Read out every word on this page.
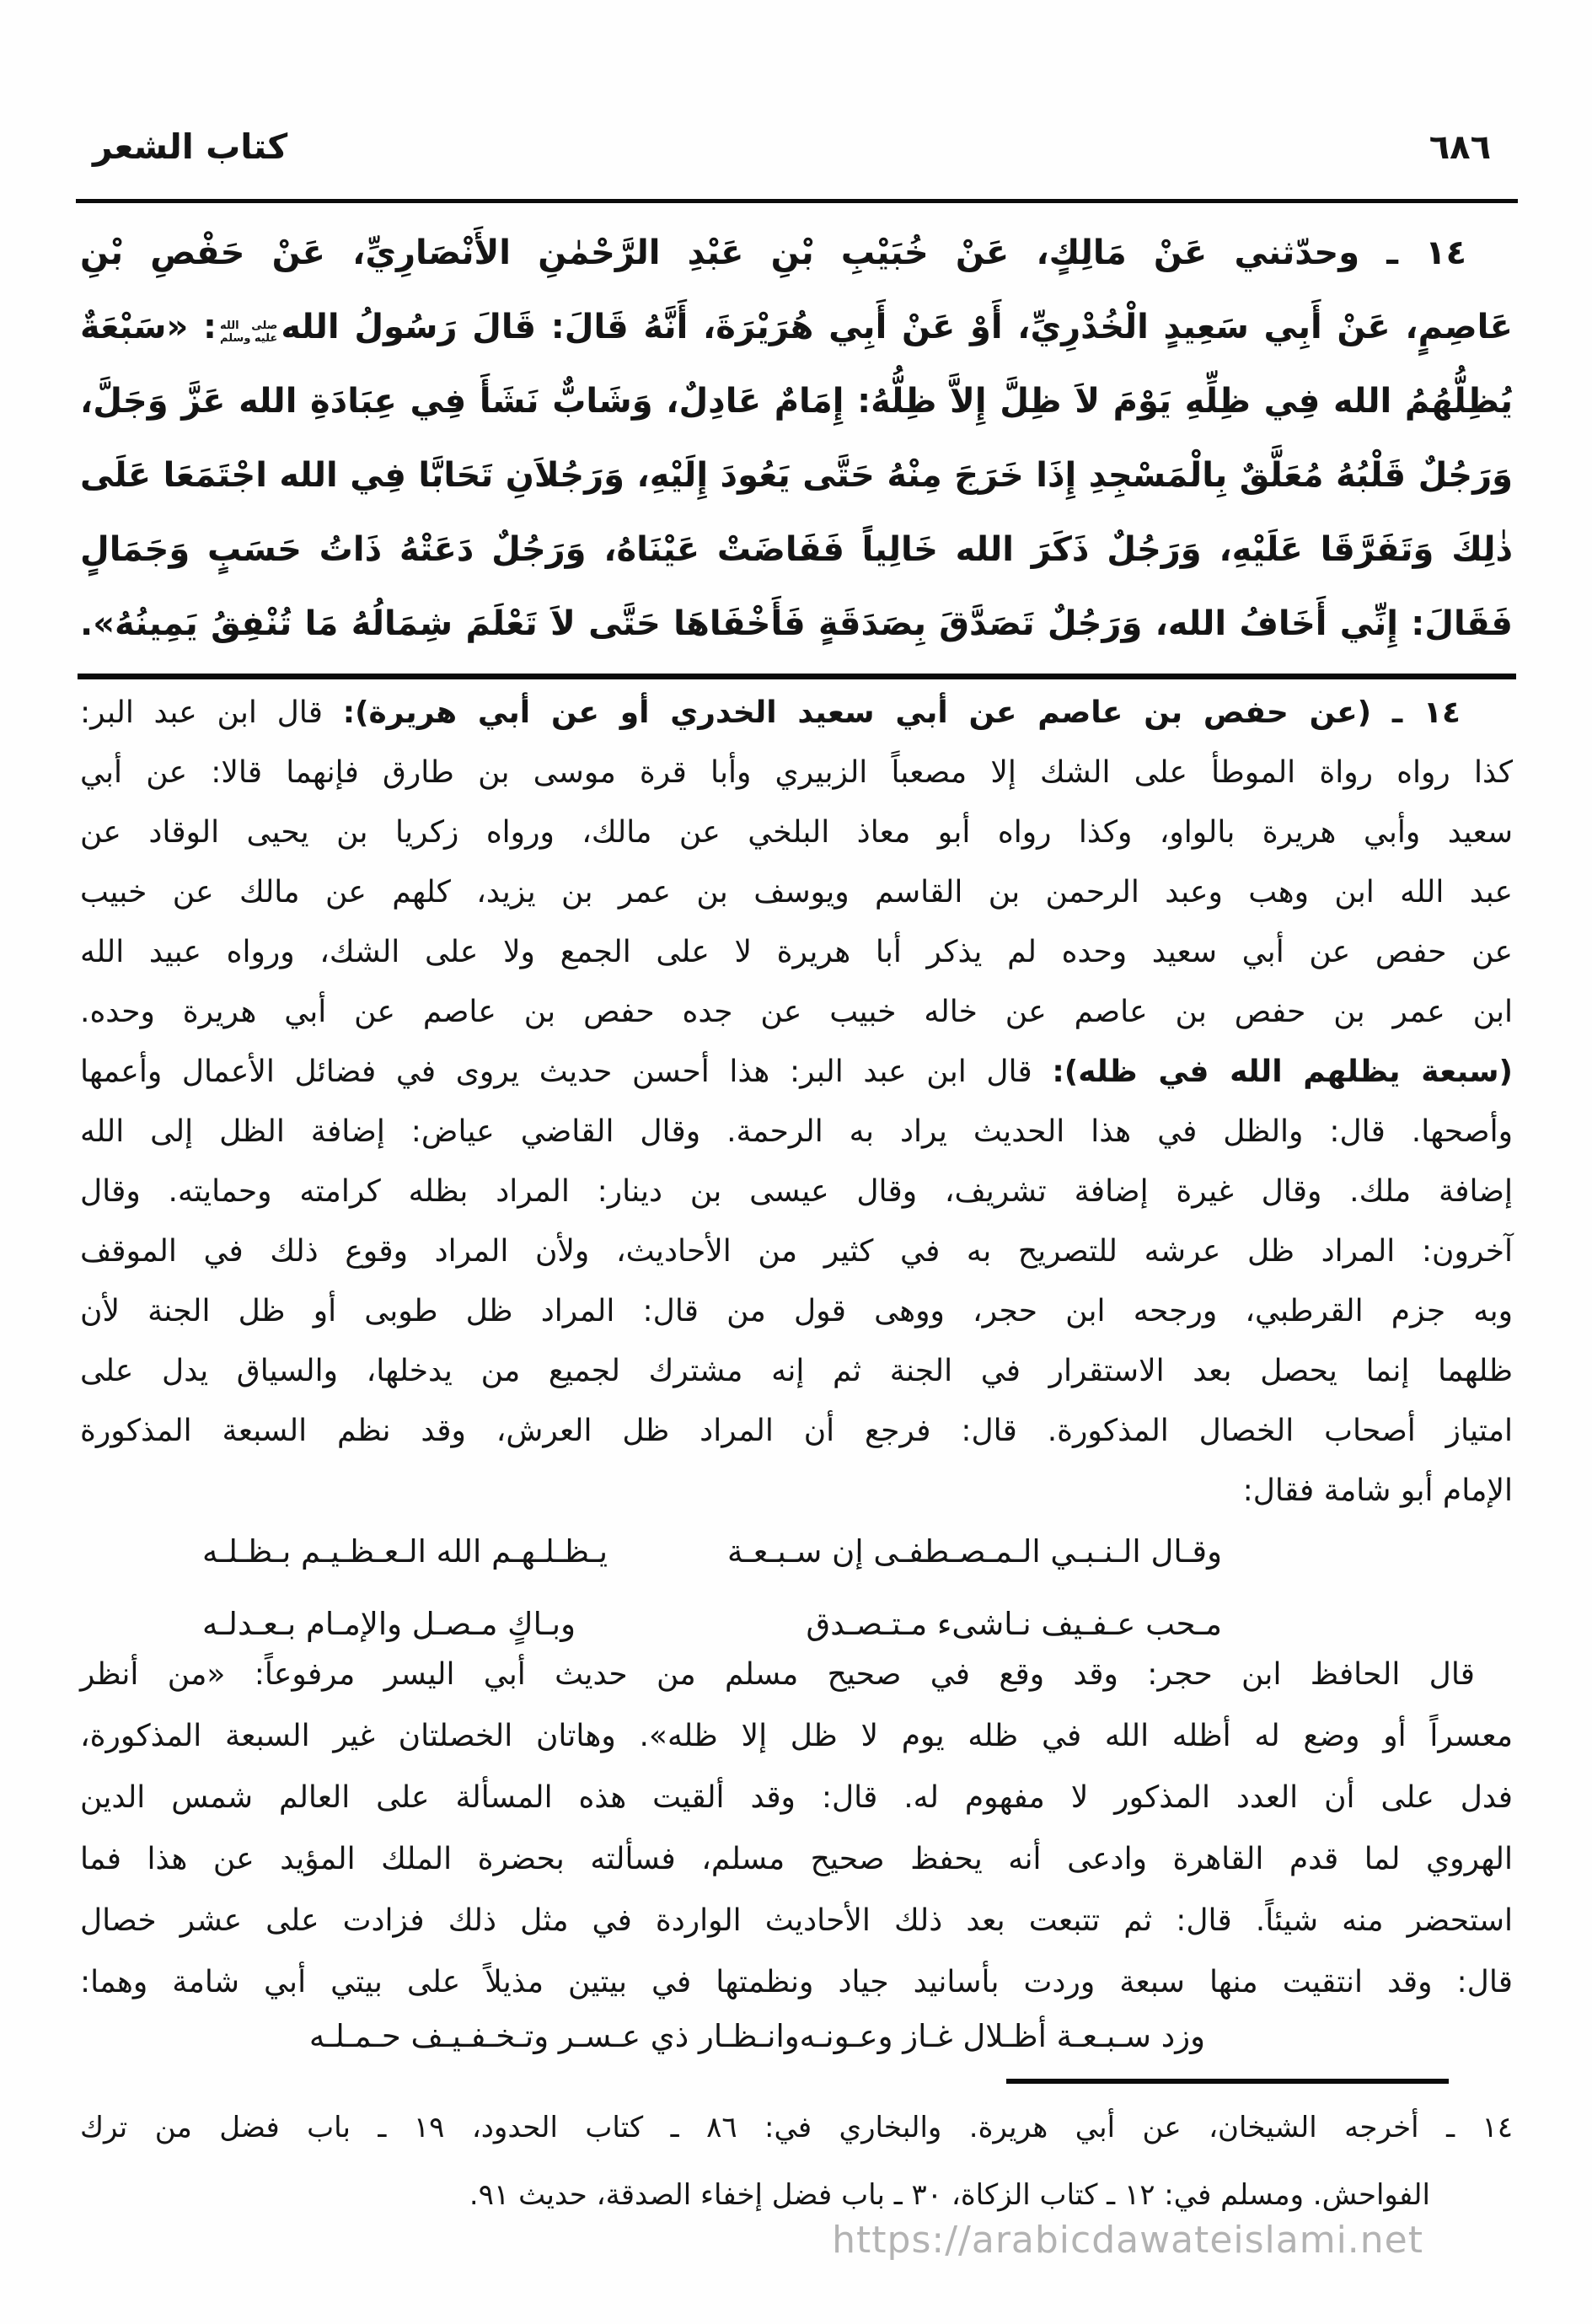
كتاب الشعر	٦٨٦
١٤ ـ وحدّثني عَنْ مَالِكٍ، عَنْ خُبَيْبِ بْنِ عَبْدِ الرَّحْمٰنِ الأَنْصَارِيِّ، عَنْ حَفْصِ بْنِ
عَاصِمٍ، عَنْ أَبِي سَعِيدٍ الْخُدْرِيِّ، أَوْ عَنْ أَبِي هُرَيْرَةَ، أَنَّهُ قَالَ: قَالَ رَسُولُ الله
صلى الله
عليه وسلم
: «سَبْعَةٌ
يُظِلُّهُمُ الله فِي ظِلِّهِ يَوْمَ لاَ ظِلَّ إِلاَّ ظِلُّهُ: إِمَامٌ عَادِلٌ، وَشَابٌّ نَشَأَ فِي عِبَادَةِ الله عَزَّ وَجَلَّ،
وَرَجُلٌ قَلْبُهُ مُعَلَّقٌ بِالْمَسْجِدِ إِذَا خَرَجَ مِنْهُ حَتَّى يَعُودَ إِلَيْهِ، وَرَجُلاَنِ تَحَابَّا فِي الله اجْتَمَعَا عَلَى
ذٰلِكَ وَتَفَرَّقَا عَلَيْهِ، وَرَجُلٌ ذَكَرَ الله خَالِياً فَفَاضَتْ عَيْنَاهُ، وَرَجُلٌ دَعَتْهُ ذَاتُ حَسَبٍ وَجَمَالٍ
فَقَالَ: إِنِّي أَخَافُ الله، وَرَجُلٌ تَصَدَّقَ بِصَدَقَةٍ فَأَخْفَاهَا حَتَّى لاَ تَعْلَمَ شِمَالُهُ مَا تُنْفِقُ يَمِينُهُ».
١٤ ـ (عن حفص بن عاصم عن أبي سعيد الخدري أو عن أبي هريرة): قال ابن عبد البر:
كذا رواه رواة الموطأ على الشك إلا مصعباً الزبيري وأبا قرة موسى بن طارق فإنهما قالا: عن أبي
سعيد وأبي هريرة بالواو، وكذا رواه أبو معاذ البلخي عن مالك، ورواه زكريا بن يحيى الوقاد عن
عبد الله ابن وهب وعبد الرحمن بن القاسم ويوسف بن عمر بن يزيد، كلهم عن مالك عن خبيب
عن حفص عن أبي سعيد وحده لم يذكر أبا هريرة لا على الجمع ولا على الشك، ورواه عبيد الله
ابن عمر بن حفص بن عاصم عن خاله خبيب عن جده حفص بن عاصم عن أبي هريرة وحده.
(سبعة يظلهم الله في ظله): قال ابن عبد البر: هذا أحسن حديث يروى في فضائل الأعمال وأعمها
وأصحها. قال: والظل في هذا الحديث يراد به الرحمة. وقال القاضي عياض: إضافة الظل إلى الله
إضافة ملك. وقال غيرة إضافة تشريف، وقال عيسى بن دينار: المراد بظله كرامته وحمايته. وقال
آخرون: المراد ظل عرشه للتصريح به في كثير من الأحاديث، ولأن المراد وقوع ذلك في الموقف
وبه جزم القرطبي، ورجحه ابن حجر، ووهى قول من قال: المراد ظل طوبى أو ظل الجنة لأن
ظلهما إنما يحصل بعد الاستقرار في الجنة ثم إنه مشترك لجميع من يدخلها، والسياق يدل على
امتياز أصحاب الخصال المذكورة. قال: فرجع أن المراد ظل العرش، وقد نظم السبعة المذكورة
الإمام أبو شامة فقال:
وقـال الـنـبـي الـمـصـطفـى إن سـبـعـة
يـظـلـهـم الله الـعـظـيـم بـظـلـه
مـحب عـفـيف نـاشىء مـتـصـدق
وبـاكٍ مـصـل والإمـام بـعـدلـه
قال الحافظ ابن حجر: وقد وقع في صحيح مسلم من حديث أبي اليسر مرفوعاً: «من أنظر
معسراً أو وضع له أظله الله في ظله يوم لا ظل إلا ظله». وهاتان الخصلتان غير السبعة المذكورة،
فدل على أن العدد المذكور لا مفهوم له. قال: وقد ألقيت هذه المسألة على العالم شمس الدين
الهروي لما قدم القاهرة وادعى أنه يحفظ صحيح مسلم، فسألته بحضرة الملك المؤيد عن هذا فما
استحضر منه شيئاً. قال: ثم تتبعت بعد ذلك الأحاديث الواردة في مثل ذلك فزادت على عشر خصال
قال: وقد انتقيت منها سبعة وردت بأسانيد جياد ونظمتها في بيتين مذيلاً على بيتي أبي شامة وهما:
وزد سـبـعـة أظـلال غـاز وعـونـه
وانـظـار ذي عـسـر وتـخـفـيـف حـمـلـه
١٤ ـ أخرجه الشيخان، عن أبي هريرة. والبخاري في: ٨٦ ـ كتاب الحدود، ١٩ ـ باب فضل من ترك
الفواحش. ومسلم في: ١٢ ـ كتاب الزكاة، ٣٠ ـ باب فضل إخفاء الصدقة، حديث ٩١.
https://arabicdawateislami.net
